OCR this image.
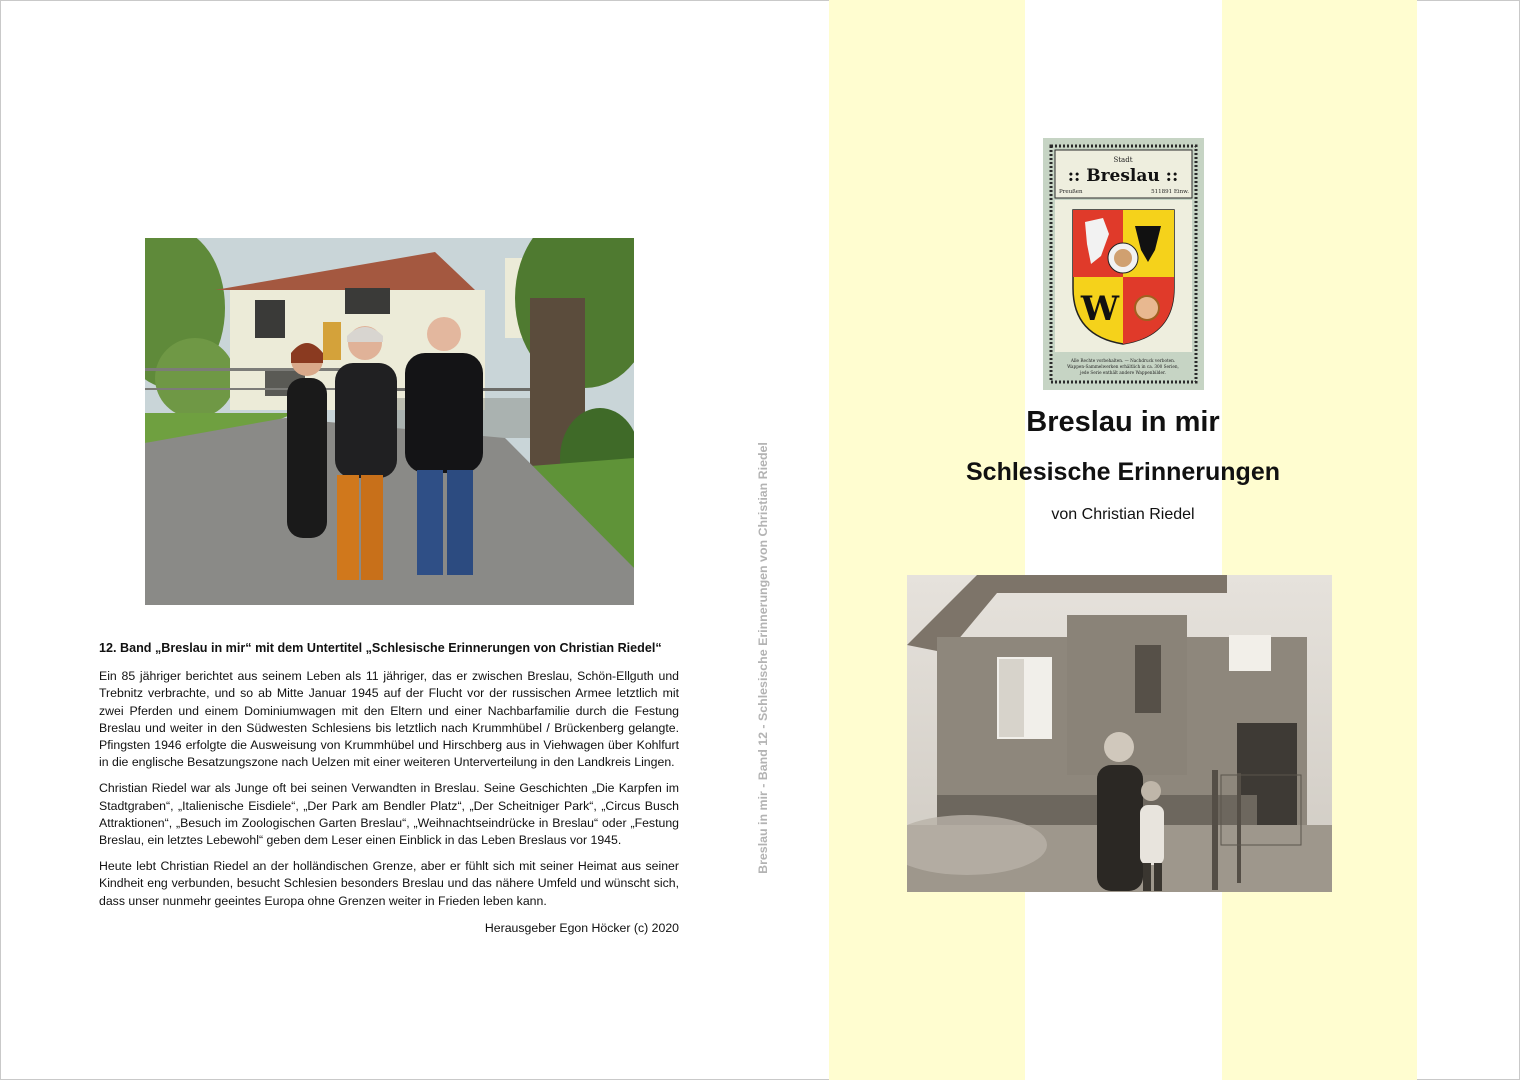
12. Band „Breslau in mir“ mit dem Untertitel „Schlesische Erinnerungen von Christian Riedel“

Ein 85 jähriger berichtet aus seinem Leben als 11 jähriger, das er zwischen Breslau, Schön-Ellguth und Trebnitz verbrachte, und so ab Mitte Januar 1945 auf der Flucht vor der russischen Armee letztlich mit zwei Pferden und einem Dominiumwagen mit den Eltern und einer Nachbarfamilie durch die Festung Breslau und weiter in den Südwesten Schlesiens bis letztlich nach Krummhübel / Brückenberg gelangte. Pfingsten 1946 erfolgte die Ausweisung von Krummhübel und Hirschberg aus in Viehwagen über Kohlfurt in die englische Besatzungszone nach Uelzen mit einer weiteren Unterverteilung in den Landkreis Lingen.

Christian Riedel war als Junge oft bei seinen Verwandten in Breslau. Seine Geschichten „Die Karpfen im Stadtgraben“, „Italienische Eisdiele“, „Der Park am Bendler Platz“, „Der Scheitniger Park“, „Circus Busch Attraktionen“, „Besuch im Zoologischen Garten Breslau“, „Weihnachtseindrücke in Breslau“ oder „Festung Breslau, ein letztes Lebewohl“ geben dem Leser einen Einblick in das Leben Breslaus vor 1945.

Heute lebt Christian Riedel an der holländischen Grenze, aber er fühlt sich mit seiner Heimat aus seiner Kindheit eng verbunden, besucht Schlesien besonders Breslau und das nähere Umfeld und wünscht sich, dass unser nunmehr geeintes Europa ohne Grenzen weiter in Frieden leben kann.

Herausgeber Egon Höcker (c) 2020
Breslau in mir - Band 12 - Schlesische Erinnerungen von Christian Riedel
Stadt
:: Breslau ::
Preußen	511891 Einw.
W
Alle Rechte vorbehalten. — Nachdruck verboten.
Wappen-Sammelwerken erhältlich in ca. 300 Serien,
jede Serie enthält andere Wappenbilder.
Breslau in mir
Schlesische Erinnerungen
von Christian Riedel
